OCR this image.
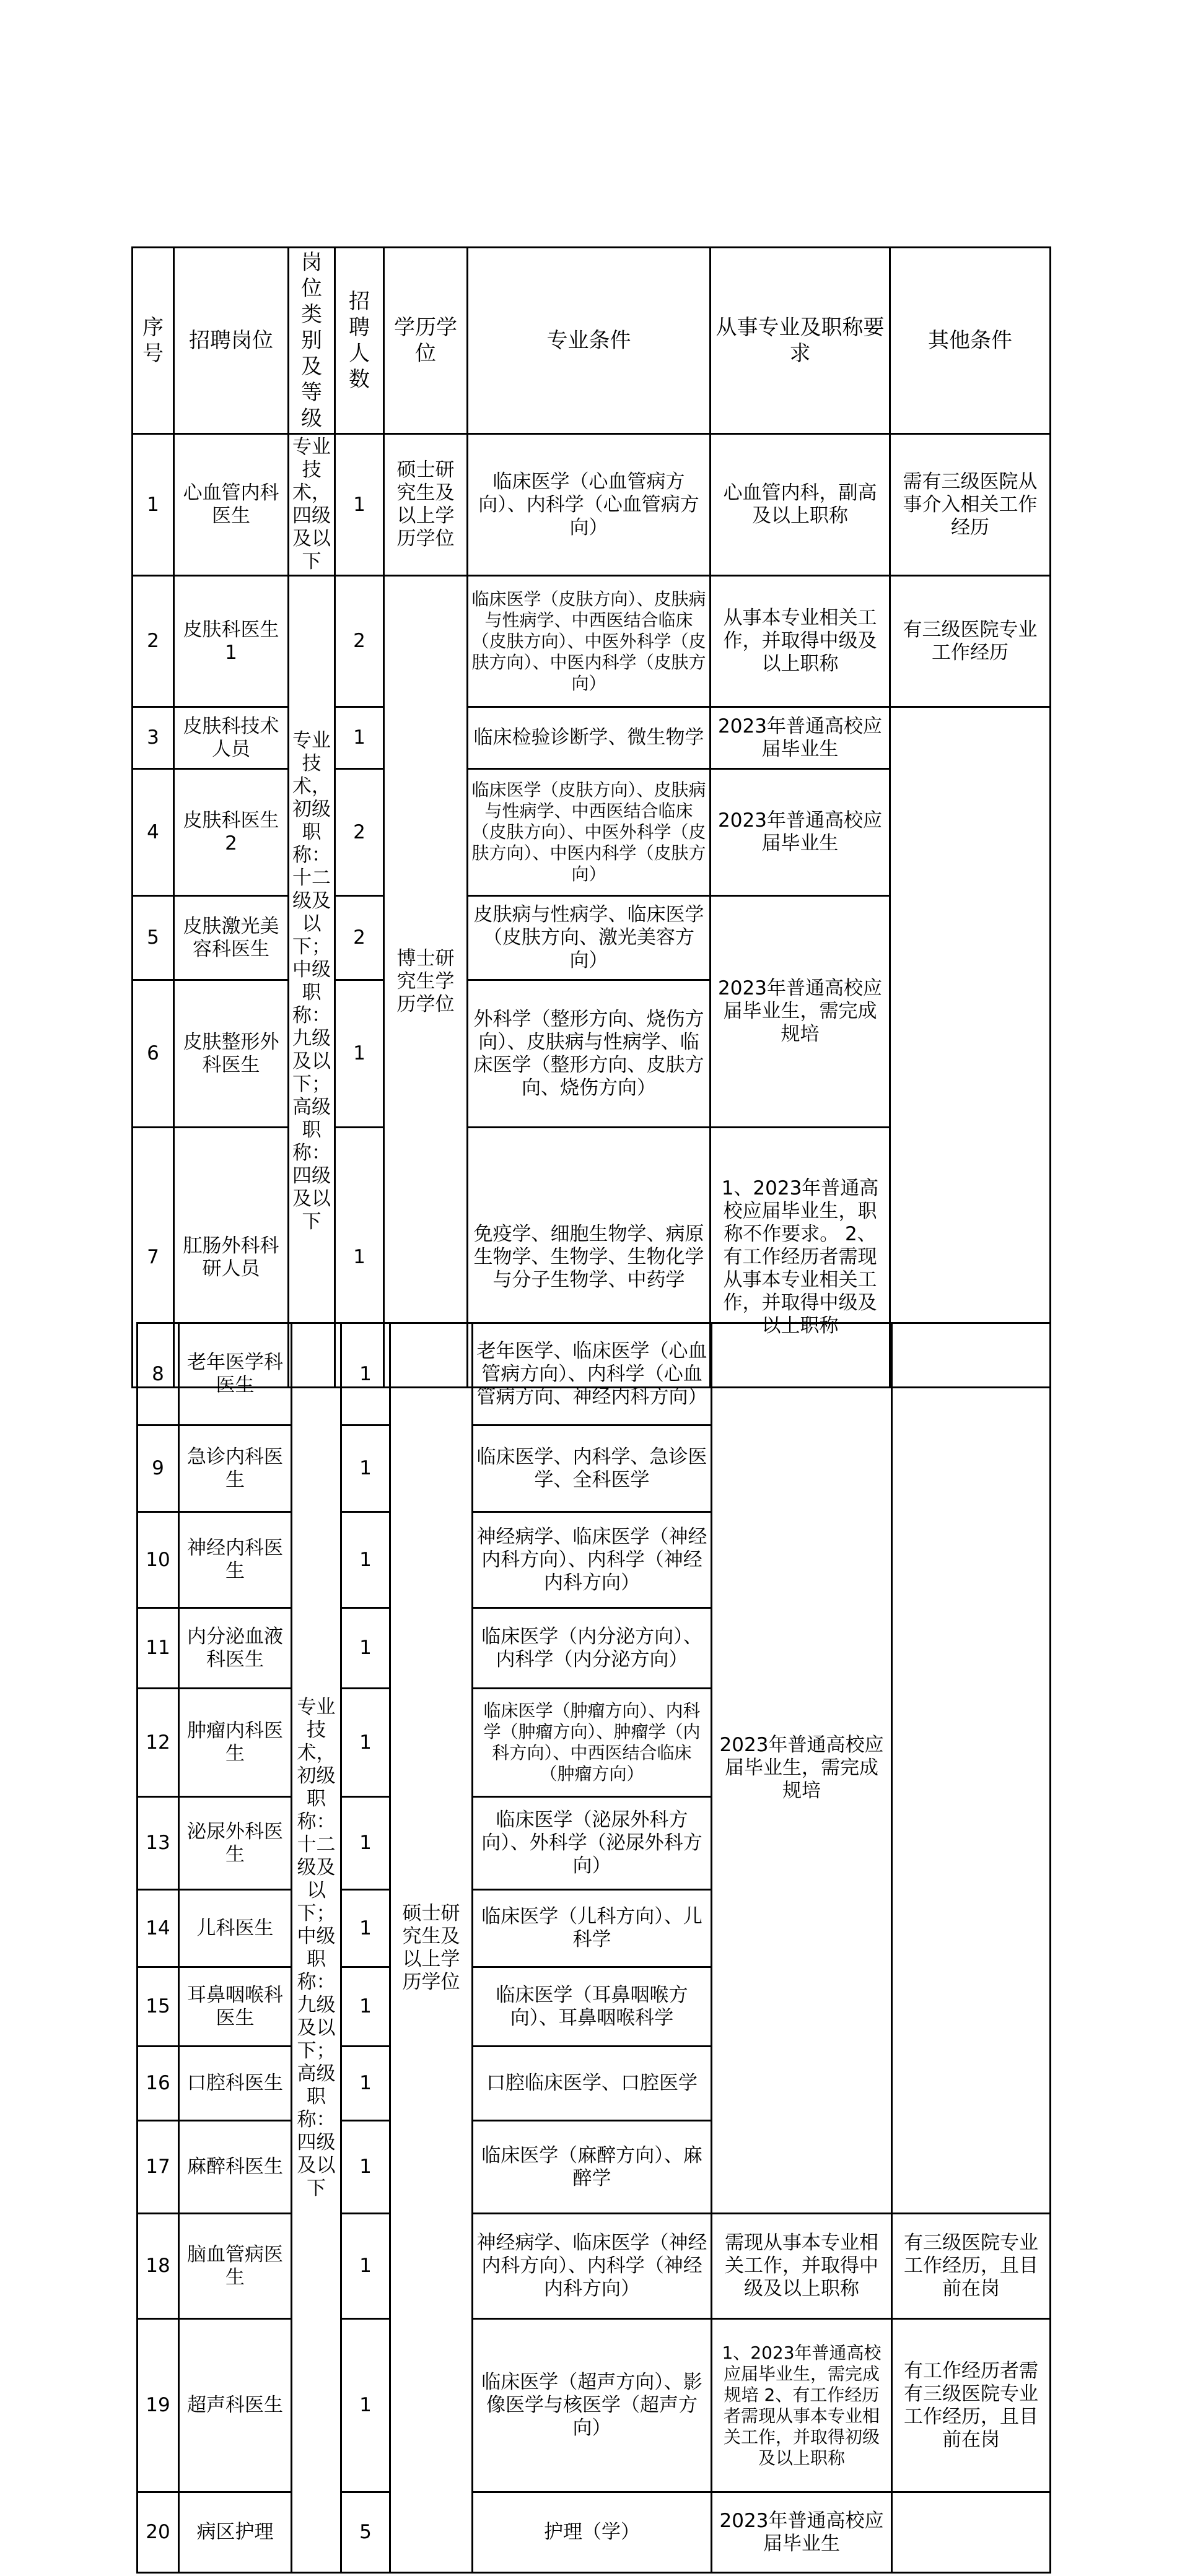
序号	招聘岗位	岗位类别及等级	招聘人数	学历学位	专业条件	从事专业及职称要求	其他条件
1	心血管内科医生	专业技术，四级及以下	1	硕士研究生及以上学历学位	临床医学（心血管病方向）、内科学（心血管病方向）	心血管内科，副高及以上职称	需有三级医院从事介入相关工作经历
2	皮肤科医生1	专业技术，初级职称：十二级及以下；中级职称：九级及以下；高级职称：四级及以下	2	博士研究生学历学位	临床医学（皮肤方向）、皮肤病与性病学、中西医结合临床（皮肤方向）、中医外科学（皮肤方向）、中医内科学（皮肤方向）	从事本专业相关工作，并取得中级及以上职称	有三级医院专业工作经历
3	皮肤科技术人员		1		临床检验诊断学、微生物学	2023年普通高校应届毕业生	
4	皮肤科医生2		2		临床医学（皮肤方向）、皮肤病与性病学、中西医结合临床（皮肤方向）、中医外科学（皮肤方向）、中医内科学（皮肤方向）	2023年普通高校应届毕业生	
5	皮肤激光美容科医生		2		皮肤病与性病学、临床医学（皮肤方向、激光美容方向）	2023年普通高校应届毕业生，需完成规培	
6	皮肤整形外科医生		1		外科学（整形方向、烧伤方向）、皮肤病与性病学、临床医学（整形方向、皮肤方向、烧伤方向）		
7	肛肠外科科研人员		1		免疫学、细胞生物学、病原生物学、生物学、生物化学与分子生物学、中药学	1、2023年普通高校应届毕业生，职称不作要求。 2、有工作经历者需现从事本专业相关工作，并取得中级及以上职称	
8	老年医学科医生	专业技术，初级职称：十二级及以下；中级职称：九级及以下；高级职称：四级及以下	1	硕士研究生及以上学历学位	老年医学、临床医学（心血管病方向）、内科学（心血管病方向、神经内科方向）	2023年普通高校应届毕业生，需完成规培	
9	急诊内科医生		1		临床医学、内科学、急诊医学、全科医学		
10	神经内科医生		1		神经病学、临床医学（神经内科方向）、内科学（神经内科方向）		
11	内分泌血液科医生		1		临床医学（内分泌方向）、内科学（内分泌方向）		
12	肿瘤内科医生		1		临床医学（肿瘤方向）、内科学（肿瘤方向）、肿瘤学（内科方向）、中西医结合临床（肿瘤方向）		
13	泌尿外科医生		1		临床医学（泌尿外科方向）、外科学（泌尿外科方向）		
14	儿科医生		1		临床医学（儿科方向）、儿科学		
15	耳鼻咽喉科医生		1		临床医学（耳鼻咽喉方向）、耳鼻咽喉科学		
16	口腔科医生		1		口腔临床医学、口腔医学		
17	麻醉科医生		1		临床医学（麻醉方向）、麻醉学		
18	脑血管病医生		1		神经病学、临床医学（神经内科方向）、内科学（神经内科方向）	需现从事本专业相关工作，并取得中级及以上职称	有三级医院专业工作经历，且目前在岗
19	超声科医生		1		临床医学（超声方向）、影像医学与核医学（超声方向）	1、2023年普通高校应届毕业生，需完成规培 2、有工作经历者需现从事本专业相关工作，并取得初级及以上职称	有工作经历者需有三级医院专业工作经历，且目前在岗
20	病区护理		5		护理（学）	2023年普通高校应届毕业生	
